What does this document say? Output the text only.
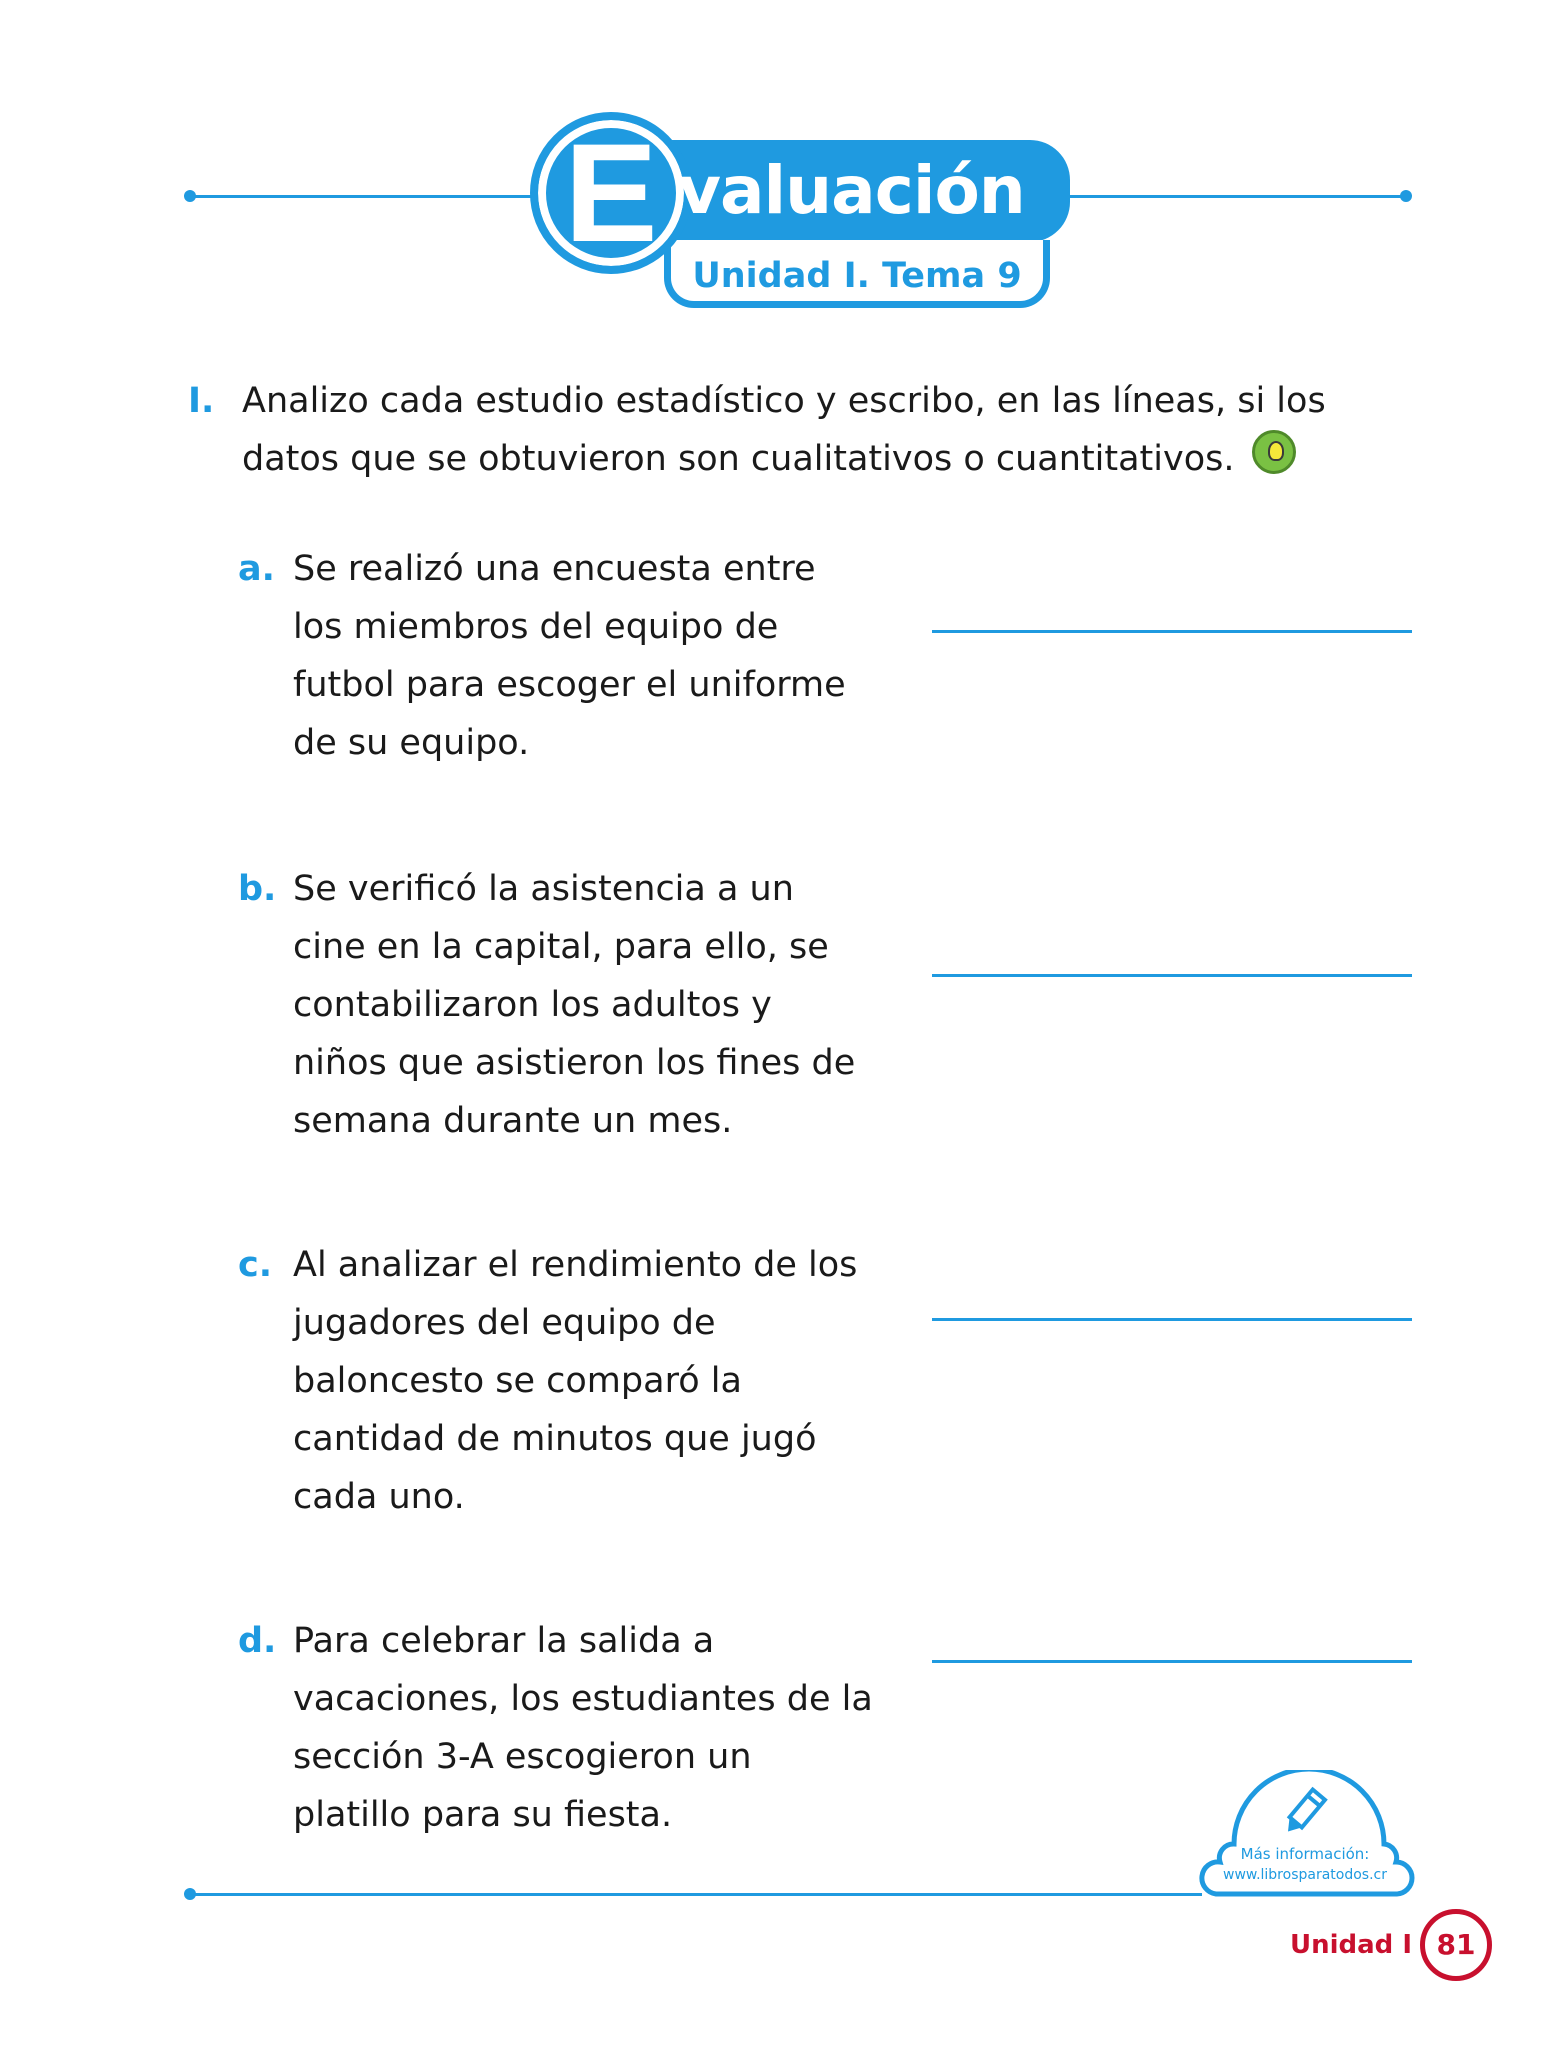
E valuación
Unidad I. Tema 9
I. Analizo cada estudio estadístico y escribo, en las líneas, si los datos que se obtuvieron son cualitativos o cuantitativos.
a. Se realizó una encuesta entre los miembros del equipo de futbol para escoger el uniforme de su equipo.
b. Se verificó la asistencia a un cine en la capital, para ello, se contabilizaron los adultos y niños que asistieron los fines de semana durante un mes.
c. Al analizar el rendimiento de los jugadores del equipo de baloncesto se comparó la cantidad de minutos que jugó cada uno.
d. Para celebrar la salida a vacaciones, los estudiantes de la sección 3-A escogieron un platillo para su fiesta.
Más información:
www.librosparatodos.cr
Unidad I 81
